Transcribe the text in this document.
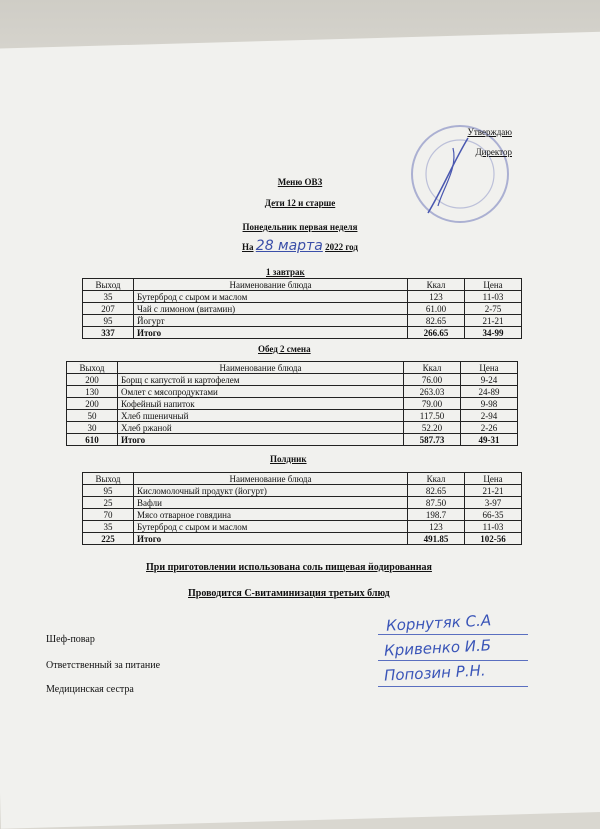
Утверждаю
Директор
Меню ОВЗ
Дети 12 и старше
Понедельник первая неделя
На 28 марта 2022 год
1 завтрак
Выход	Наименование блюда	Ккал	Цена
35	Бутерброд с сыром и маслом	123	11-03
207	Чай с лимоном (витамин)	61.00	2-75
95	Йогурт	82.65	21-21
337	Итого	266.65	34-99
Обед 2 смена
Выход	Наименование блюда	Ккал	Цена
200	Борщ с капустой и картофелем	76.00	9-24
130	Омлет с мясопродуктами	263.03	24-89
200	Кофейный напиток	79.00	9-98
50	Хлеб пшеничный	117.50	2-94
30	Хлеб ржаной	52.20	2-26
610	Итого	587.73	49-31
Полдник
Выход	Наименование блюда	Ккал	Цена
95	Кисломолочный продукт (йогурт)	82.65	21-21
25	Вафли	87.50	3-97
70	Мясо отварное говядина	198.7	66-35
35	Бутерброд с сыром и маслом	123	11-03
225	Итого	491.85	102-56
При приготовлении использована соль пищевая йодированная
Проводится С-витаминизация третьих блюд
Шеф-повар
Ответственный за питание
Медицинская сестра
Корнутяк С.А
Кривенко И.Б
Попозин Р.Н.
